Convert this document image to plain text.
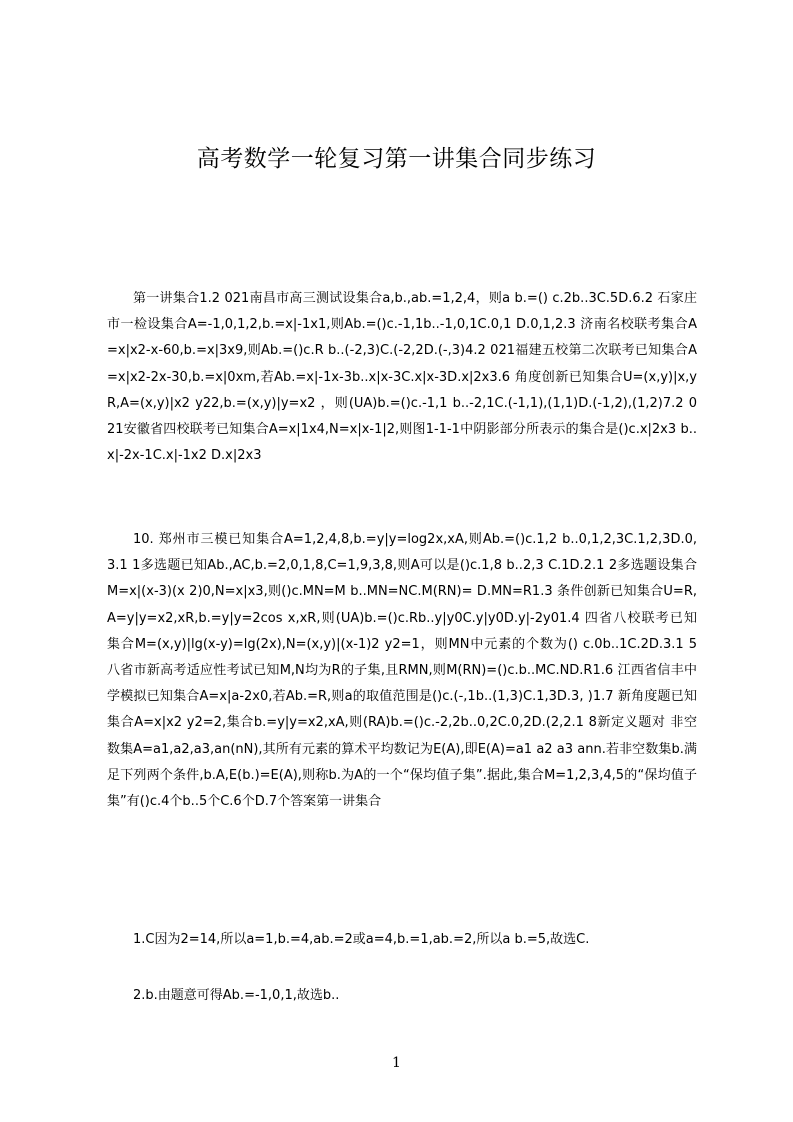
高考数学一轮复习第一讲集合同步练习
第一讲集合1.2 021南昌市高三测试设集合a,b.,ab.=1,2,4，则a b.=() c.2b..3C.5D.6.2 石家庄市一检设集合A=-1,0,1,2,b.=x|-1x1,则Ab.=()c.-1,1b..-1,0,1C.0,1 D.0,1,2.3 济南名校联考集合A=x|x2-x-60,b.=x|3x9,则Ab.=()c.R b..(-2,3)C.(-2,2D.(-,3)4.2 021福建五校第二次联考已知集合A=x|x2-2x-30,b.=x|0xm,若Ab.=x|-1x-3b..x|x-3C.x|x-3D.x|2x3.6 角度创新已知集合U=(x,y)|x,yR,A=(x,y)|x2 y22,b.=(x,y)|y=x2 ，则(UA)b.=()c.-1,1 b..-2,1C.(-1,1),(1,1)D.(-1,2),(1,2)7.2 021安徽省四校联考已知集合A=x|1x4,N=x|x-1|2,则图1-1-1中阴影部分所表示的集合是()c.x|2x3 b..x|-2x-1C.x|-1x2 D.x|2x3
10. 郑州市三模已知集合A=1,2,4,8,b.=y|y=log2x,xA,则Ab.=()c.1,2 b..0,1,2,3C.1,2,3D.0,3.1 1多选题已知Ab.,AC,b.=2,0,1,8,C=1,9,3,8,则A可以是()c.1,8 b..2,3 C.1D.2.1 2多选题设集合M=x|(x-3)(x 2)0,N=x|x3,则()c.MN=M b..MN=NC.M(RN)= D.MN=R1.3 条件创新已知集合U=R,A=y|y=x2,xR,b.=y|y=2cos x,xR,则(UA)b.=()c.Rb..y|y0C.y|y0D.y|-2y01.4 四省八校联考已知集合M=(x,y)|lg(x-y)=lg(2x),N=(x,y)|(x-1)2 y2=1，则MN中元素的个数为() c.0b..1C.2D.3.1 5 八省市新高考适应性考试已知M,N均为R的子集,且RMN,则M(RN)=()c.b..MC.ND.R1.6 江西省信丰中学模拟已知集合A=x|a-2x0,若Ab.=R,则a的取值范围是()c.(-,1b..(1,3)C.1,3D.3, )1.7 新角度题已知集合A=x|x2 y2=2,集合b.=y|y=x2,xA,则(RA)b.=()c.-2,2b..0,2C.0,2D.(2,2.1 8新定义题对 非空数集A=a1,a2,a3,an(nN),其所有元素的算术平均数记为E(A),即E(A)=a1 a2 a3 ann.若非空数集b.满足下列两个条件,b.A,E(b.)=E(A),则称b.为A的一个“保均值子集”.据此,集合M=1,2,3,4,5的“保均值子集”有()c.4个b..5个C.6个D.7个答案第一讲集合
1.C因为2=14,所以a=1,b.=4,ab.=2或a=4,b.=1,ab.=2,所以a b.=5,故选C.
2.b.由题意可得Ab.=-1,0,1,故选b..
1
